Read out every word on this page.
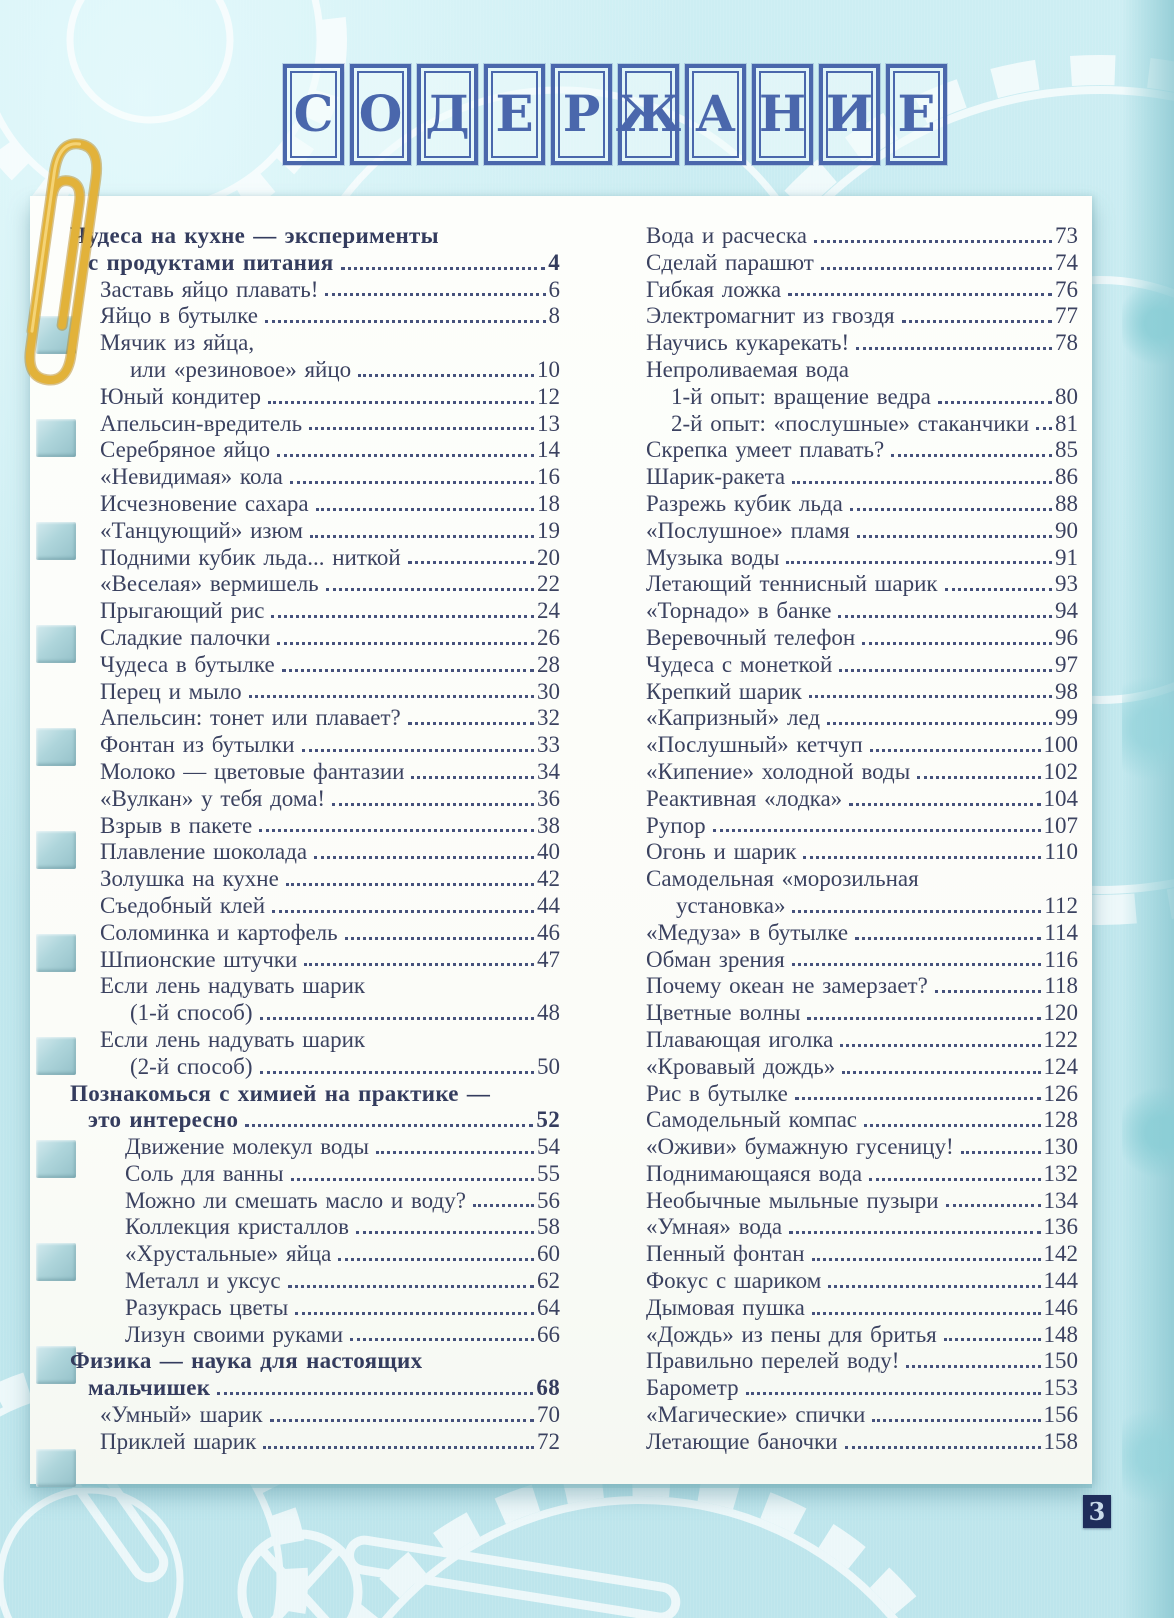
С О Д Е Р Ж А Н И Е
Чудеса на кухне — эксперименты
с продуктами питания	4
Заставь яйцо плавать!	6
Яйцо в бутылке	8
Мячик из яйца,
или «резиновое» яйцо	10
Юный кондитер	12
Апельсин-вредитель	13
Серебряное яйцо	14
«Невидимая» кола	16
Исчезновение сахара	18
«Танцующий» изюм	19
Подними кубик льда... ниткой	20
«Веселая» вермишель	22
Прыгающий рис	24
Сладкие палочки	26
Чудеса в бутылке	28
Перец и мыло	30
Апельсин: тонет или плавает?	32
Фонтан из бутылки	33
Молоко — цветовые фантазии	34
«Вулкан» у тебя дома!	36
Взрыв в пакете	38
Плавление шоколада	40
Золушка на кухне	42
Съедобный клей	44
Соломинка и картофель	46
Шпионские штучки	47
Если лень надувать шарик
(1-й способ)	48
Если лень надувать шарик
(2-й способ)	50
Познакомься с химией на практике —
это интересно	52
Движение молекул воды	54
Соль для ванны	55
Можно ли смешать масло и воду?	56
Коллекция кристаллов	58
«Хрустальные» яйца	60
Металл и уксус	62
Разукрась цветы	64
Лизун своими руками	66
Физика — наука для настоящих
мальчишек	68
«Умный» шарик	70
Приклей шарик	72
Вода и расческа	73
Сделай парашют	74
Гибкая ложка	76
Электромагнит из гвоздя	77
Научись кукарекать!	78
Непроливаемая вода
1-й опыт: вращение ведра	80
2-й опыт: «послушные» стаканчики 81
Скрепка умеет плавать?	85
Шарик-ракета	86
Разрежь кубик льда	88
«Послушное» пламя	90
Музыка воды	91
Летающий теннисный шарик	93
«Торнадо» в банке	94
Веревочный телефон	96
Чудеса с монеткой	97
Крепкий шарик	98
«Капризный» лед	99
«Послушный» кетчуп	100
«Кипение» холодной воды	102
Реактивная «лодка»	104
Рупор	107
Огонь и шарик	110
Самодельная «морозильная
установка»	112
«Медуза» в бутылке	114
Обман зрения	116
Почему океан не замерзает?	118
Цветные волны	120
Плавающая иголка	122
«Кровавый дождь»	124
Рис в бутылке	126
Самодельный компас	128
«Оживи» бумажную гусеницу!	130
Поднимающаяся вода	132
Необычные мыльные пузыри	134
«Умная» вода	136
Пенный фонтан	142
Фокус с шариком	144
Дымовая пушка	146
«Дождь» из пены для бритья	148
Правильно перелей воду!	150
Барометр	153
«Магические» спички	156
Летающие баночки	158
3
